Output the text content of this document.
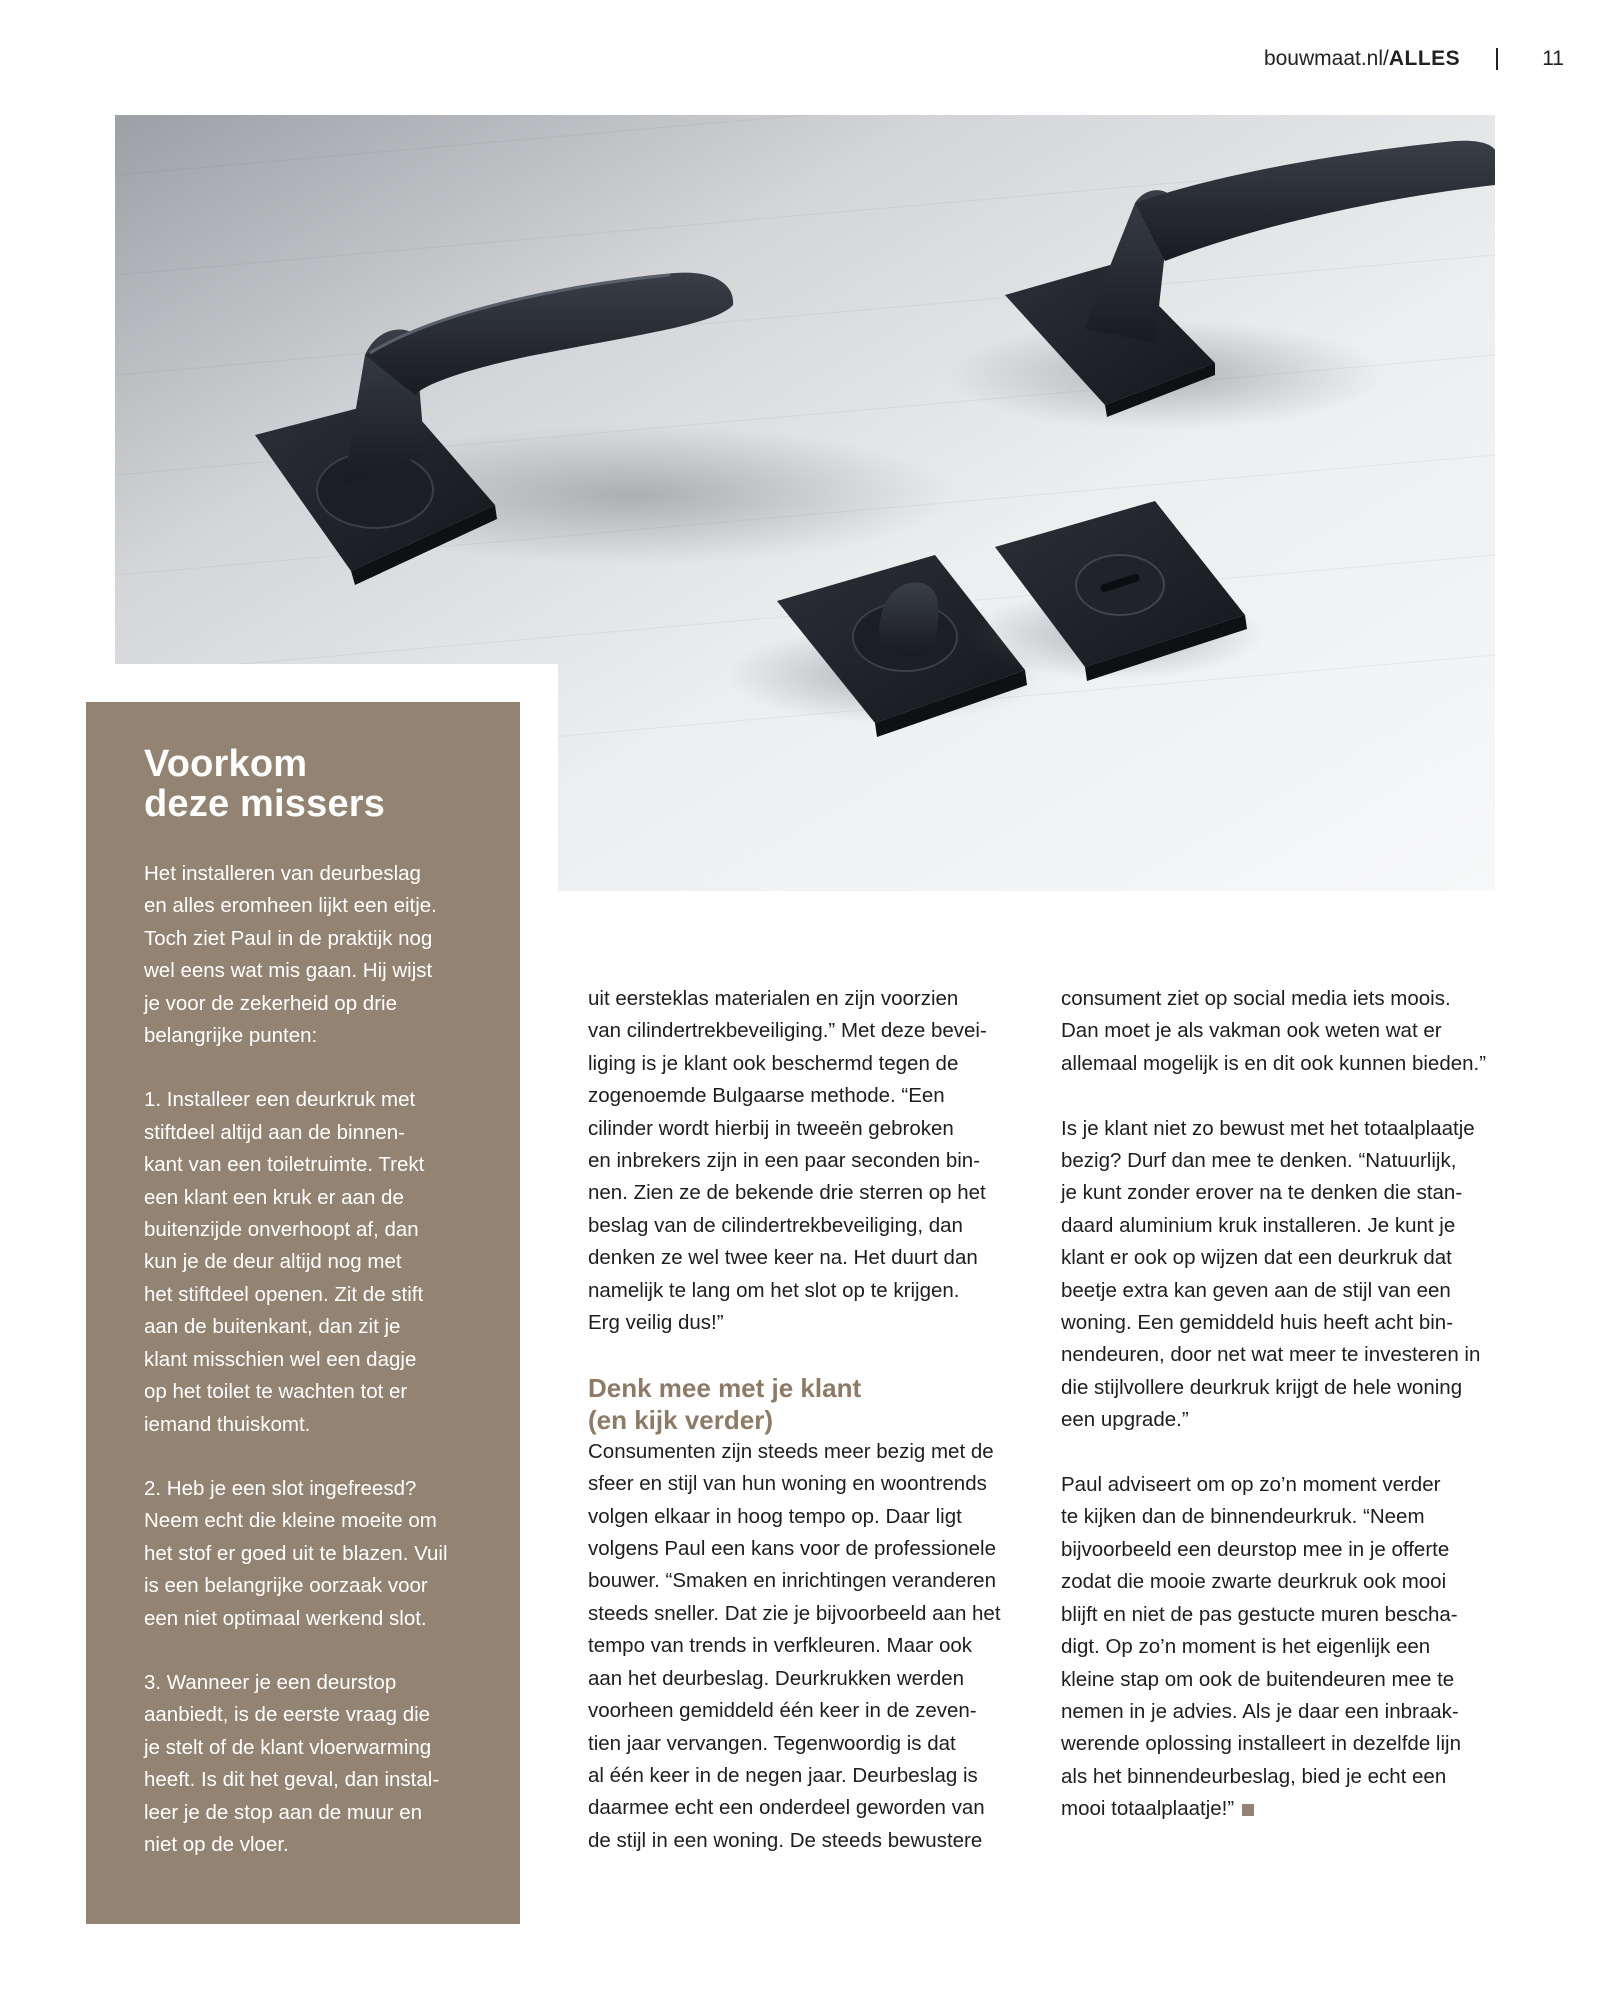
bouwmaat.nl/ALLES	11
Voorkom
deze missers

Het installeren van deurbeslag
en alles eromheen lijkt een eitje.
Toch ziet Paul in de praktijk nog
wel eens wat mis gaan. Hij wijst
je voor de zekerheid op drie
belangrijke punten:

1. Installeer een deurkruk met
stiftdeel altijd aan de binnen-
kant van een toiletruimte. Trekt
een klant een kruk er aan de
buitenzijde onverhoopt af, dan
kun je de deur altijd nog met
het stiftdeel openen. Zit de stift
aan de buitenkant, dan zit je
klant misschien wel een dagje
op het toilet te wachten tot er
iemand thuiskomt.

2. Heb je een slot ingefreesd?
Neem echt die kleine moeite om
het stof er goed uit te blazen. Vuil
is een belangrijke oorzaak voor
een niet optimaal werkend slot.

3. Wanneer je een deurstop
aanbiedt, is de eerste vraag die
je stelt of de klant vloerwarming
heeft. Is dit het geval, dan instal-
leer je de stop aan de muur en
niet op de vloer.

uit eersteklas materialen en zijn voorzien
van cilindertrekbeveiliging.” Met deze bevei-
liging is je klant ook beschermd tegen de
zogenoemde Bulgaarse methode. “Een
cilinder wordt hierbij in tweeën gebroken
en inbrekers zijn in een paar seconden bin-
nen. Zien ze de bekende drie sterren op het
beslag van de cilindertrekbeveiliging, dan
denken ze wel twee keer na. Het duurt dan
namelijk te lang om het slot op te krijgen.
Erg veilig dus!”

Denk mee met je klant
(en kijk verder)

Consumenten zijn steeds meer bezig met de
sfeer en stijl van hun woning en woontrends
volgen elkaar in hoog tempo op. Daar ligt
volgens Paul een kans voor de professionele
bouwer. “Smaken en inrichtingen veranderen
steeds sneller. Dat zie je bijvoorbeeld aan het
tempo van trends in verfkleuren. Maar ook
aan het deurbeslag. Deurkrukken werden
voorheen gemiddeld één keer in de zeven-
tien jaar vervangen. Tegenwoordig is dat
al één keer in de negen jaar. Deurbeslag is
daarmee echt een onderdeel geworden van
de stijl in een woning. De steeds bewustere

consument ziet op social media iets moois.
Dan moet je als vakman ook weten wat er
allemaal mogelijk is en dit ook kunnen bieden.”

Is je klant niet zo bewust met het totaalplaatje
bezig? Durf dan mee te denken. “Natuurlijk,
je kunt zonder erover na te denken die stan-
daard aluminium kruk installeren. Je kunt je
klant er ook op wijzen dat een deurkruk dat
beetje extra kan geven aan de stijl van een
woning. Een gemiddeld huis heeft acht bin-
nendeuren, door net wat meer te investeren in
die stijlvollere deurkruk krijgt de hele woning
een upgrade.”

Paul adviseert om op zo’n moment verder
te kijken dan de binnendeurkruk. “Neem
bijvoorbeeld een deurstop mee in je offerte
zodat die mooie zwarte deurkruk ook mooi
blijft en niet de pas gestucte muren bescha-
digt. Op zo’n moment is het eigenlijk een
kleine stap om ook de buitendeuren mee te
nemen in je advies. Als je daar een inbraak-
werende oplossing installeert in dezelfde lijn
als het binnendeurbeslag, bied je echt een
mooi totaalplaatje!”
